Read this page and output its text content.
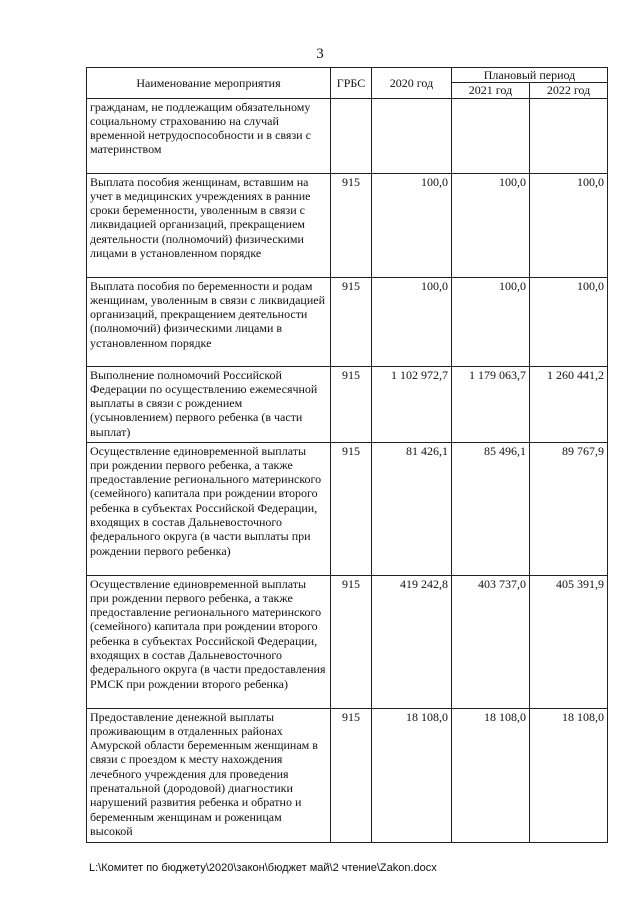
3
Наименование мероприятия	ГРБС	2020 год	Плановый период	
			2021 год	2022 год
гражданам, не подлежащим обязательному социальному страхованию на случай временной нетрудоспособности и в связи с материнством				
Выплата пособия женщинам, вставшим на учет в медицинских учреждениях в ранние сроки беременности, уволенным в связи с ликвидацией организаций, прекращением деятельности (полномочий) физическими лицами в установленном порядке	915	100,0	100,0	100,0
Выплата пособия по беременности и родам женщинам, уволенным в связи с ликвидацией организаций, прекращением деятельности (полномочий) физическими лицами в установленном порядке	915	100,0	100,0	100,0
Выполнение полномочий Российской Федерации по осуществлению ежемесячной выплаты в связи с рождением (усыновлением) первого ребенка (в части выплат)	915	1 102 972,7	1 179 063,7	1 260 441,2
Осуществление единовременной выплаты при рождении первого ребенка, а также предоставление регионального материнского (семейного) капитала при рождении второго ребенка в субъектах Российской Федерации, входящих в состав Дальневосточного федерального округа (в части выплаты при рождении первого ребенка)	915	81 426,1	85 496,1	89 767,9
Осуществление единовременной выплаты при рождении первого ребенка, а также предоставление регионального материнского (семейного) капитала при рождении второго ребенка в субъектах Российской Федерации, входящих в состав Дальневосточного федерального округа (в части предоставления РМСК при рождении второго ребенка)	915	419 242,8	403 737,0	405 391,9
Предоставление денежной выплаты проживающим в отдаленных районах Амурской области беременным женщинам в связи с проездом к месту нахождения лечебного учреждения для проведения пренатальной (дородовой) диагностики нарушений развития ребенка и обратно и беременным женщинам и роженицам высокой	915	18 108,0	18 108,0	18 108,0
L:\Комитет по бюджету\2020\закон\бюджет май\2 чтение\Zakon.docx
